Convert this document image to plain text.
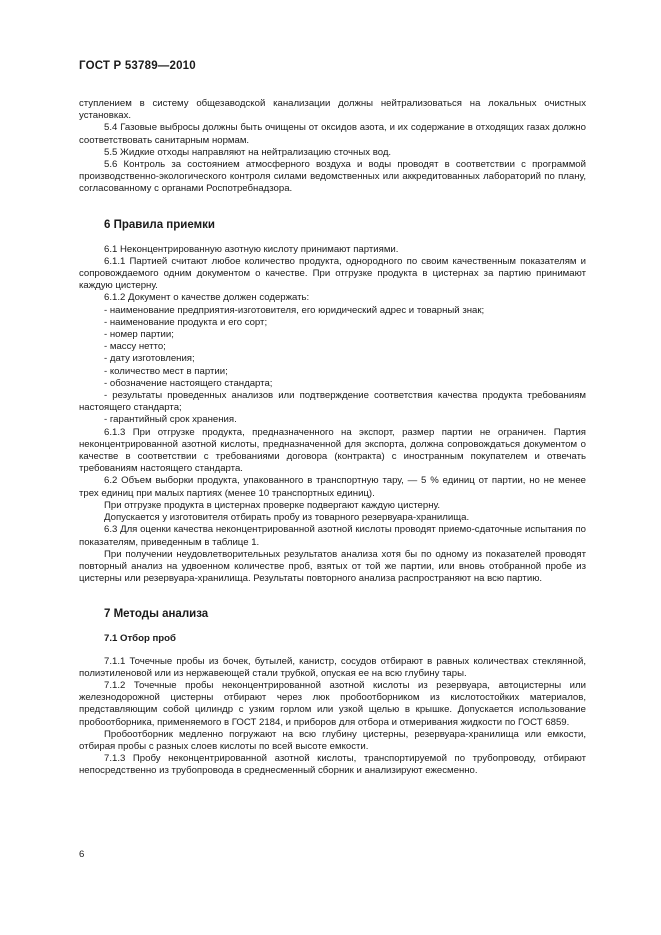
ГОСТ Р 53789—2010

ступлением в систему общезаводской канализации должны нейтрализоваться на локальных очистных установках.

5.4 Газовые выбросы должны быть очищены от оксидов азота, и их содержание в отходящих газах должно соответствовать санитарным нормам.

5.5 Жидкие отходы направляют на нейтрализацию сточных вод.

5.6 Контроль за состоянием атмосферного воздуха и воды проводят в соответствии с программой производственно-экологического контроля силами ведомственных или аккредитованных лабораторий по плану, согласованному с органами Роспотребнадзора.

6 Правила приемки

6.1 Неконцентрированную азотную кислоту принимают партиями.

6.1.1 Партией считают любое количество продукта, однородного по своим качественным показателям и сопровождаемого одним документом о качестве. При отгрузке продукта в цистернах за партию принимают каждую цистерну.

6.1.2 Документ о качестве должен содержать:

- наименование предприятия-изготовителя, его юридический адрес и товарный знак;

- наименование продукта и его сорт;

- номер партии;

- массу нетто;

- дату изготовления;

- количество мест в партии;

- обозначение настоящего стандарта;

- результаты проведенных анализов или подтверждение соответствия качества продукта требованиям настоящего стандарта;

- гарантийный срок хранения.

6.1.3 При отгрузке продукта, предназначенного на экспорт, размер партии не ограничен. Партия неконцентрированной азотной кислоты, предназначенной для экспорта, должна сопровождаться документом о качестве в соответствии с требованиями договора (контракта) с иностранным покупателем и отвечать требованиям настоящего стандарта.

6.2 Объем выборки продукта, упакованного в транспортную тару, — 5 % единиц от партии, но не менее трех единиц при малых партиях (менее 10 транспортных единиц).

При отгрузке продукта в цистернах проверке подвергают каждую цистерну.

Допускается у изготовителя отбирать пробу из товарного резервуара-хранилища.

6.3 Для оценки качества неконцентрированной азотной кислоты проводят приемо-сдаточные испытания по показателям, приведенным в таблице 1.

При получении неудовлетворительных результатов анализа хотя бы по одному из показателей проводят повторный анализ на удвоенном количестве проб, взятых от той же партии, или вновь отобранной пробе из цистерны или резервуара-хранилища. Результаты повторного анализа распространяют на всю партию.

7 Методы анализа
7.1 Отбор проб

7.1.1 Точечные пробы из бочек, бутылей, канистр, сосудов отбирают в равных количествах стеклянной, полиэтиленовой или из нержавеющей стали трубкой, опуская ее на всю глубину тары.

7.1.2 Точечные пробы неконцентрированной азотной кислоты из резервуара, автоцистерны или железнодорожной цистерны отбирают через люк пробоотборником из кислотостойких материалов, представляющим собой цилиндр с узким горлом или узкой щелью в крышке. Допускается использование пробоотборника, применяемого в ГОСТ 2184, и приборов для отбора и отмеривания жидкости по ГОСТ 6859.

Пробоотборник медленно погружают на всю глубину цистерны, резервуара-хранилища или емкости, отбирая пробы с разных слоев кислоты по всей высоте емкости.

7.1.3 Пробу неконцентрированной азотной кислоты, транспортируемой по трубопроводу, отбирают непосредственно из трубопровода в среднесменный сборник и анализируют ежесменно.

6
